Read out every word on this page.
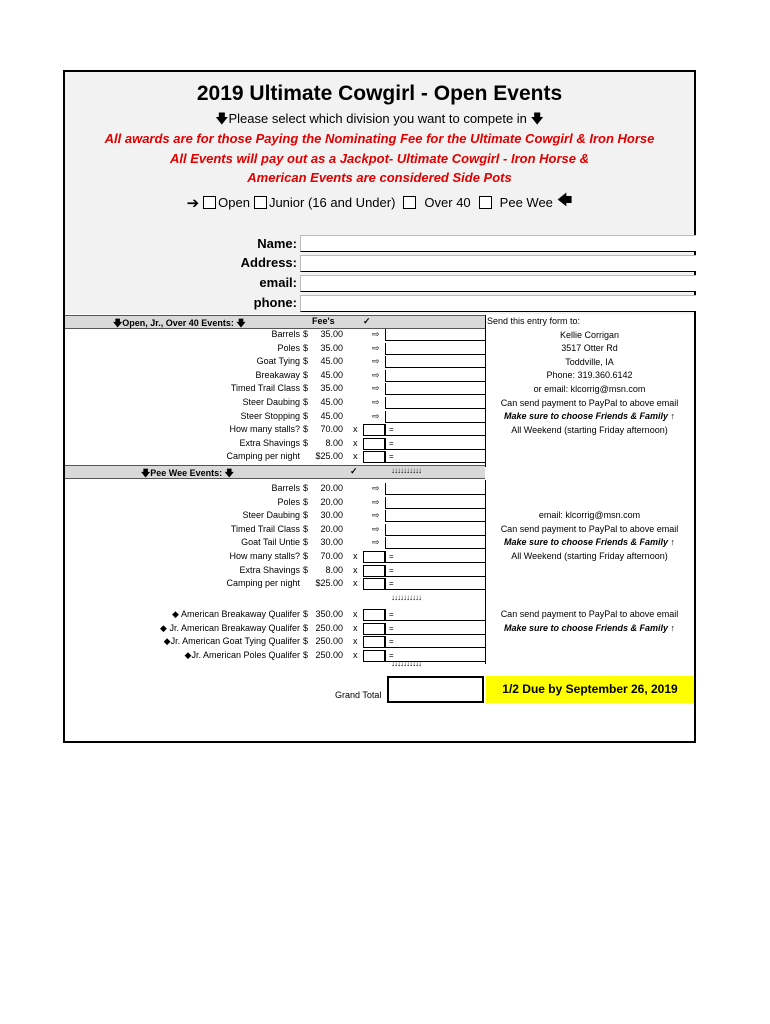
2019 Ultimate Cowgirl - Open Events
🡇Please select which division you want to compete in 🡇
All awards are for those Paying the Nominating Fee for the Ultimate Cowgirl & Iron Horse
All Events will pay out as a Jackpot- Ultimate Cowgirl - Iron Horse &
American Events are considered Side Pots
➔ Open Junior (16 and Under) Over 40 Pee Wee 🡄
Name:
Address:
email:
phone:
🡇Open, Jr., Over 40 Events: 🡇	Fee's	✓
Barrels $	35.00	⇨
Poles $	35.00	⇨
Goat Tying $	45.00	⇨
Breakaway $	45.00	⇨
Timed Trail Class $	35.00	⇨
Steer Daubing $	45.00	⇨
Steer Stopping $	45.00	⇨
How many stalls? $	70.00 x	=
Extra Shavings $	8.00 x	=
Camping per night	$25.00 x	=
Send this entry form to:
Kellie Corrigan
3517 Otter Rd
Toddville, IA
Phone: 319.360.6142
or email: klcorrig@msn.com
Can send payment to PayPal to above email
Make sure to choose Friends & Family ↑
All Weekend (starting Friday afternoon)
🡇Pee Wee Events: 🡇	✓	↓↓↓↓↓↓↓↓↓↓
Barrels $	20.00	⇨
Poles $	20.00	⇨
Steer Daubing $	30.00	⇨
Timed Trail Class $	20.00	⇨
Goat Tail Untie $	30.00	⇨
How many stalls? $	70.00 x	=
Extra Shavings $	8.00 x	=
Camping per night	$25.00 x	=
email: klcorrig@msn.com
Can send payment to PayPal to above email
Make sure to choose Friends & Family ↑
All Weekend (starting Friday afternoon)
↓↓↓↓↓↓↓↓↓↓
◆ American Breakaway Qualifer $ 350.00 x	=
◆ Jr. American Breakaway Qualifer $ 250.00 x	=
◆Jr. American Goat Tying Qualifer $ 250.00 x	=
◆Jr. American Poles Qualifer $ 250.00 x	=
Can send payment to PayPal to above email
Make sure to choose Friends & Family ↑
↓↓↓↓↓↓↓↓↓↓
Grand Total	1/2 Due by September 26, 2019
